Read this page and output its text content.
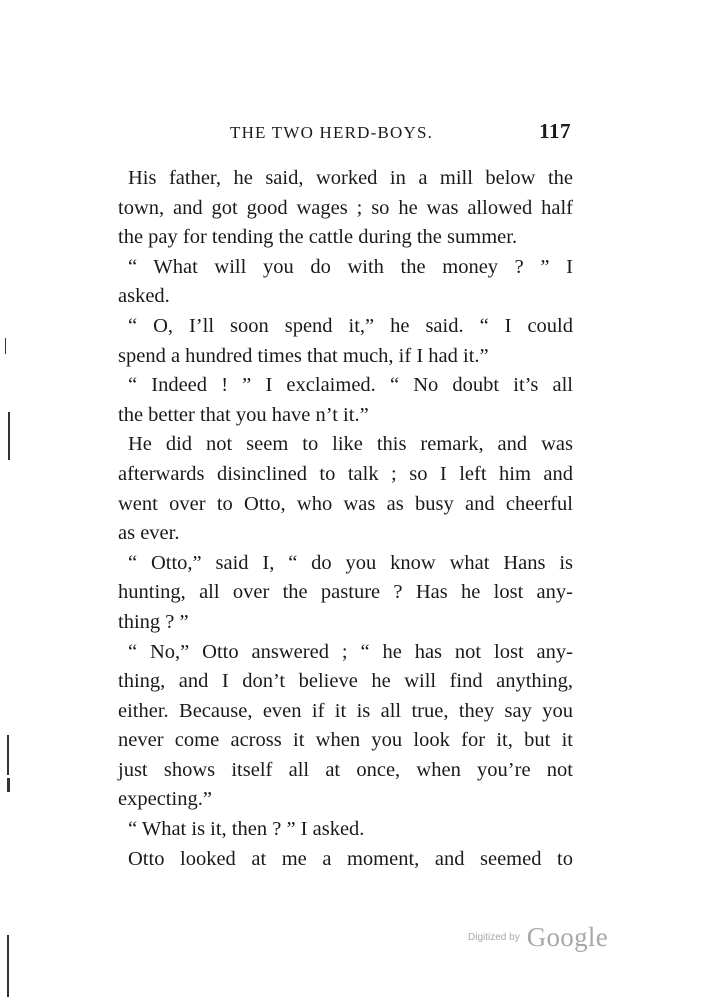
THE TWO HERD-BOYS.	117
His father, he said, worked in a mill below the
town, and got good wages ; so he was allowed half
the pay for tending the cattle during the summer.
“ What will you do with the money ? ” I
asked.
“ O, I’ll soon spend it,” he said. “ I could
spend a hundred times that much, if I had it.”
“ Indeed ! ” I exclaimed. “ No doubt it’s all
the better that you have n’t it.”
He did not seem to like this remark, and was
afterwards disinclined to talk ; so I left him and
went over to Otto, who was as busy and cheerful
as ever.
“ Otto,” said I, “ do you know what Hans is
hunting, all over the pasture ? Has he lost any-
thing ? ”
“ No,” Otto answered ; “ he has not lost any-
thing, and I don’t believe he will find anything,
either. Because, even if it is all true, they say you
never come across it when you look for it, but it
just shows itself all at once, when you’re not
expecting.”
“ What is it, then ? ” I asked.
Otto looked at me a moment, and seemed to
Digitized by Google
